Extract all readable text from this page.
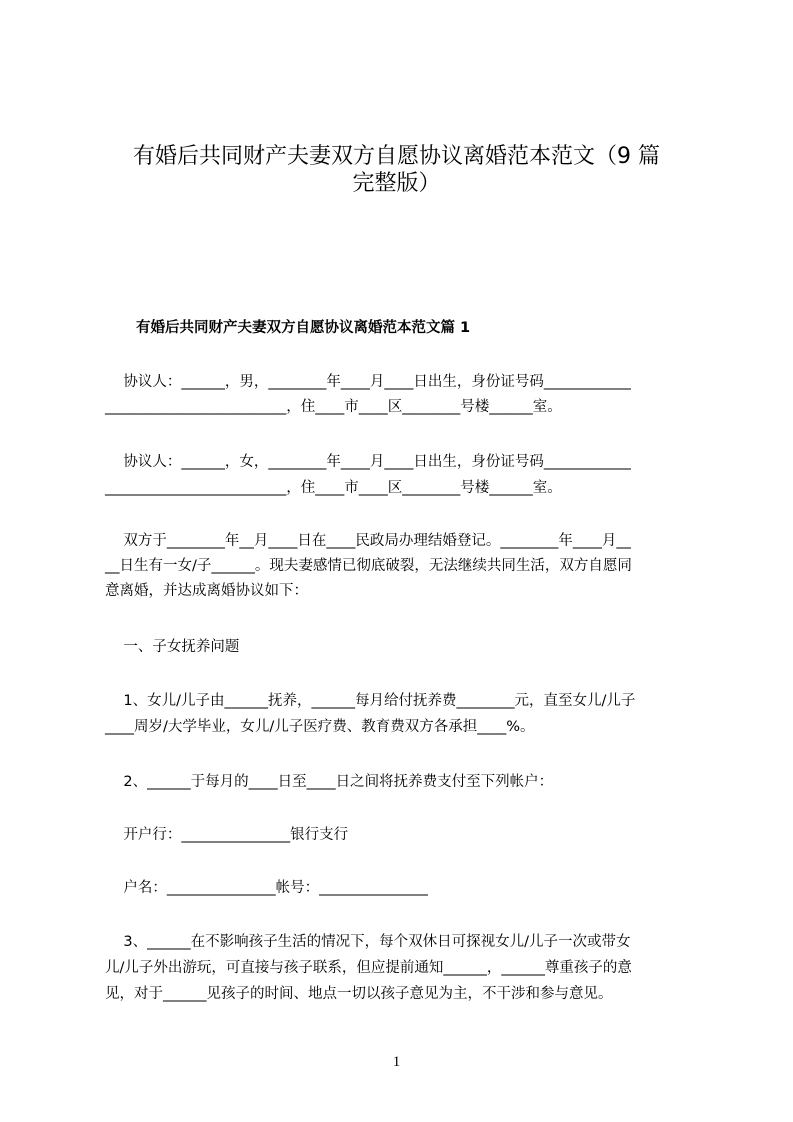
有婚后共同财产夫妻双方自愿协议离婚范本范文（9 篇
完整版）
有婚后共同财产夫妻双方自愿协议离婚范本范文篇 1
协议人：______，男，________年____月____日出生，身份证号码____________
_________________________，住____市____区________号楼______室。
协议人：______，女，________年____月____日出生，身份证号码____________
_________________________，住____市____区________号楼______室。
双方于________年__月____日在____民政局办理结婚登记。________年____月__
__日生有一女/子______。现夫妻感情已彻底破裂，无法继续共同生活，双方自愿同
意离婚，并达成离婚协议如下：
一、子女抚养问题
1、女儿/儿子由______抚养，______每月给付抚养费________元，直至女儿/儿子
____周岁/大学毕业，女儿/儿子医疗费、教育费双方各承担____%。
2、______于每月的____日至____日之间将抚养费支付至下列帐户：
开户行：_______________银行支行
户名：_______________帐号：_______________
3、______在不影响孩子生活的情况下，每个双休日可探视女儿/儿子一次或带女
儿/儿子外出游玩，可直接与孩子联系，但应提前通知______，______尊重孩子的意
见，对于______见孩子的时间、地点一切以孩子意见为主，不干涉和参与意见。
1
